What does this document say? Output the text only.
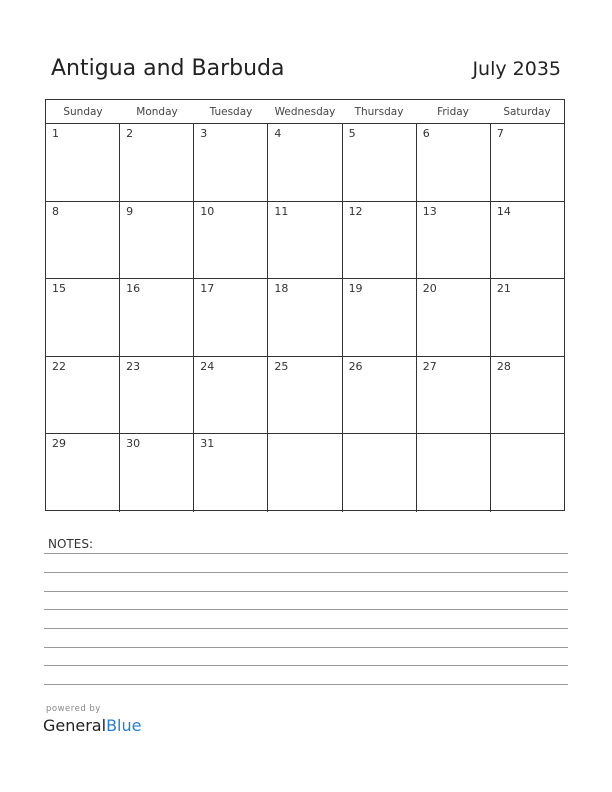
Antigua and Barbuda	July 2035
Sunday	Monday	Tuesday	Wednesday	Thursday	Friday	Saturday
1	2	3	4	5	6	7
8	9	10	11	12	13	14
15	16	17	18	19	20	21
22	23	24	25	26	27	28
29	30	31
NOTES:
powered by
GeneralBlue
